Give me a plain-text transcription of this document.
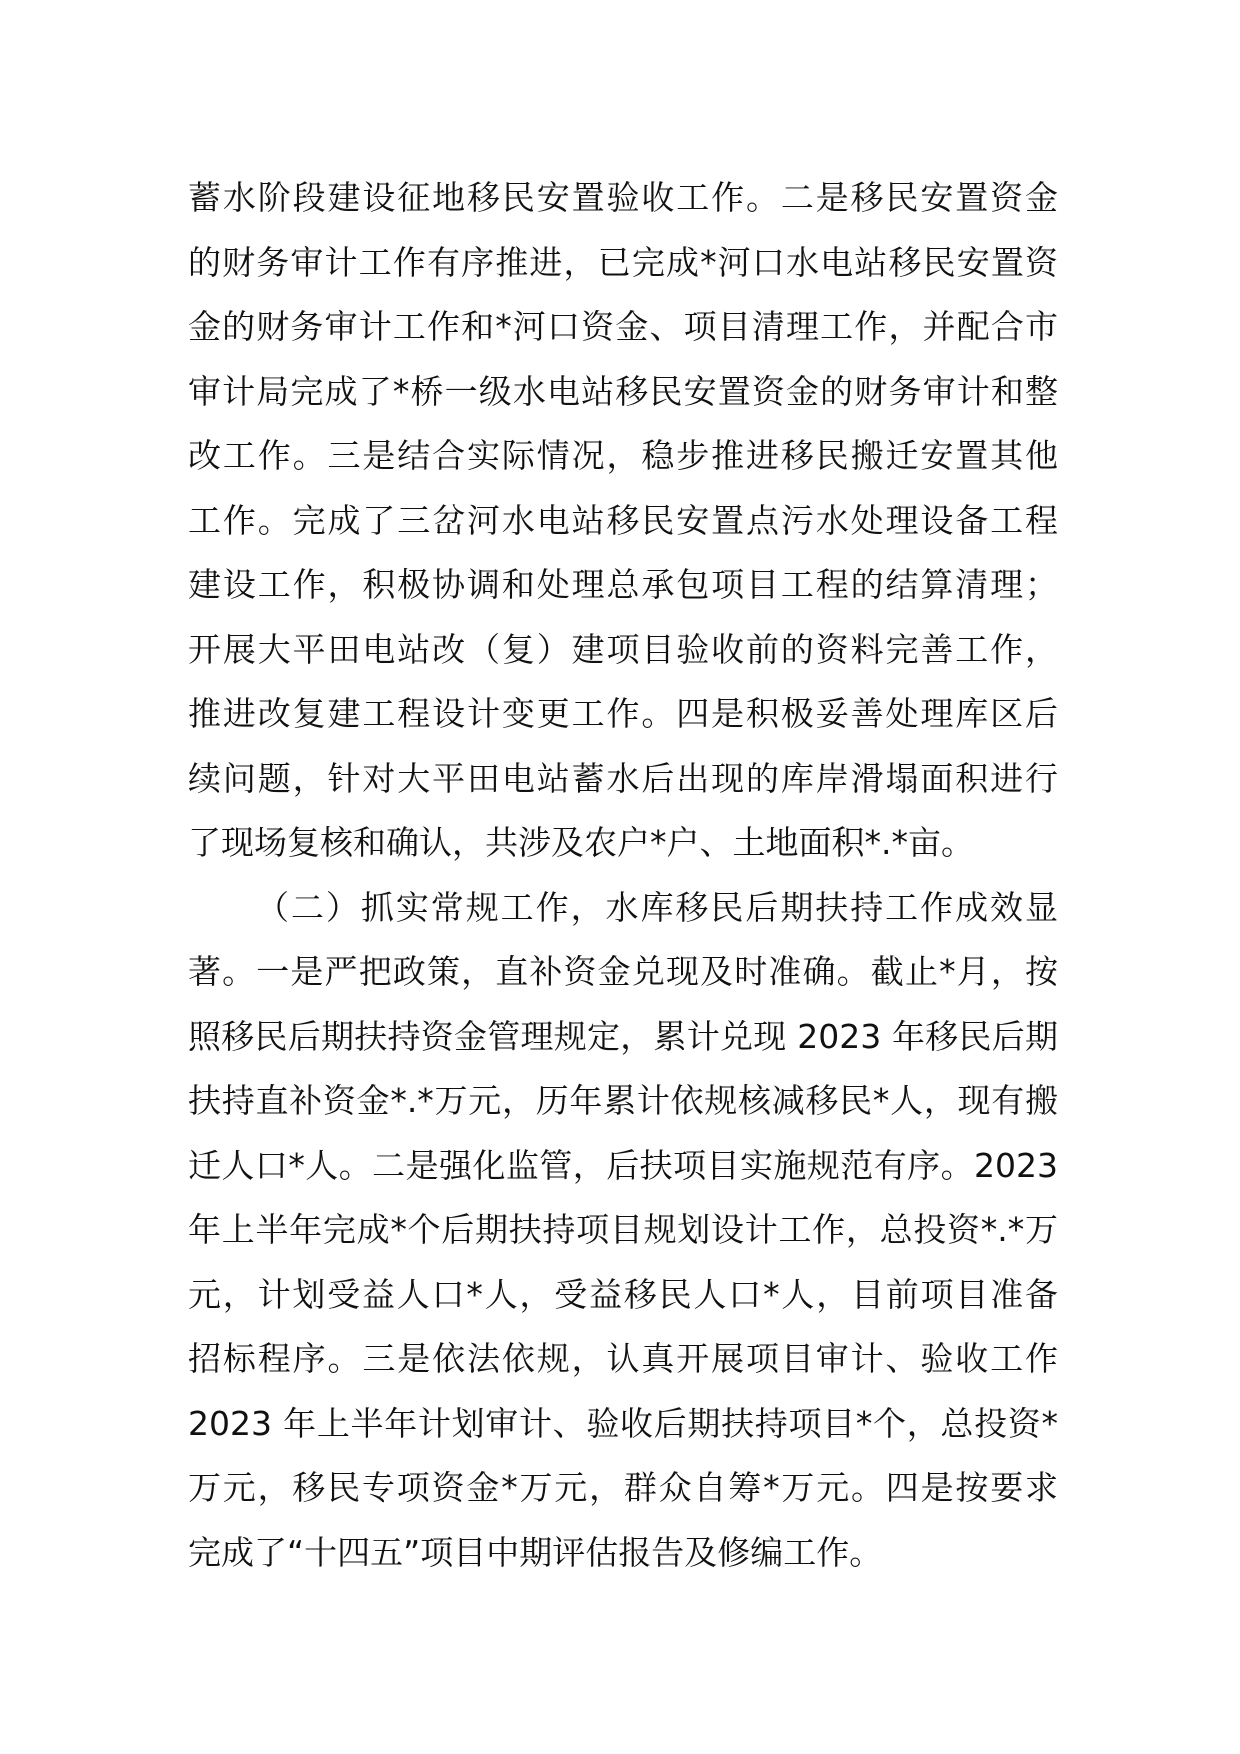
蓄水阶段建设征地移民安置验收工作。二是移民安置资金
的财务审计工作有序推进，已完成*河口水电站移民安置资
金的财务审计工作和*河口资金、项目清理工作，并配合市
审计局完成了*桥一级水电站移民安置资金的财务审计和整
改工作。三是结合实际情况，稳步推进移民搬迁安置其他
工作。完成了三岔河水电站移民安置点污水处理设备工程
建设工作，积极协调和处理总承包项目工程的结算清理；
开展大平田电站改（复）建项目验收前的资料完善工作，
推进改复建工程设计变更工作。四是积极妥善处理库区后
续问题，针对大平田电站蓄水后出现的库岸滑塌面积进行
了现场复核和确认，共涉及农户*户、土地面积*.*亩。
（二）抓实常规工作，水库移民后期扶持工作成效显
著。一是严把政策，直补资金兑现及时准确。截止*月，按
照移民后期扶持资金管理规定，累计兑现 2023 年移民后期
扶持直补资金*.*万元，历年累计依规核减移民*人，现有搬
迁人口*人。二是强化监管，后扶项目实施规范有序。2023
年上半年完成*个后期扶持项目规划设计工作，总投资*.*万
元，计划受益人口*人，受益移民人口*人，目前项目准备
招标程序。三是依法依规，认真开展项目审计、验收工作
2023 年上半年计划审计、验收后期扶持项目*个，总投资*
万元，移民专项资金*万元，群众自筹*万元。四是按要求
完成了“十四五”项目中期评估报告及修编工作。
